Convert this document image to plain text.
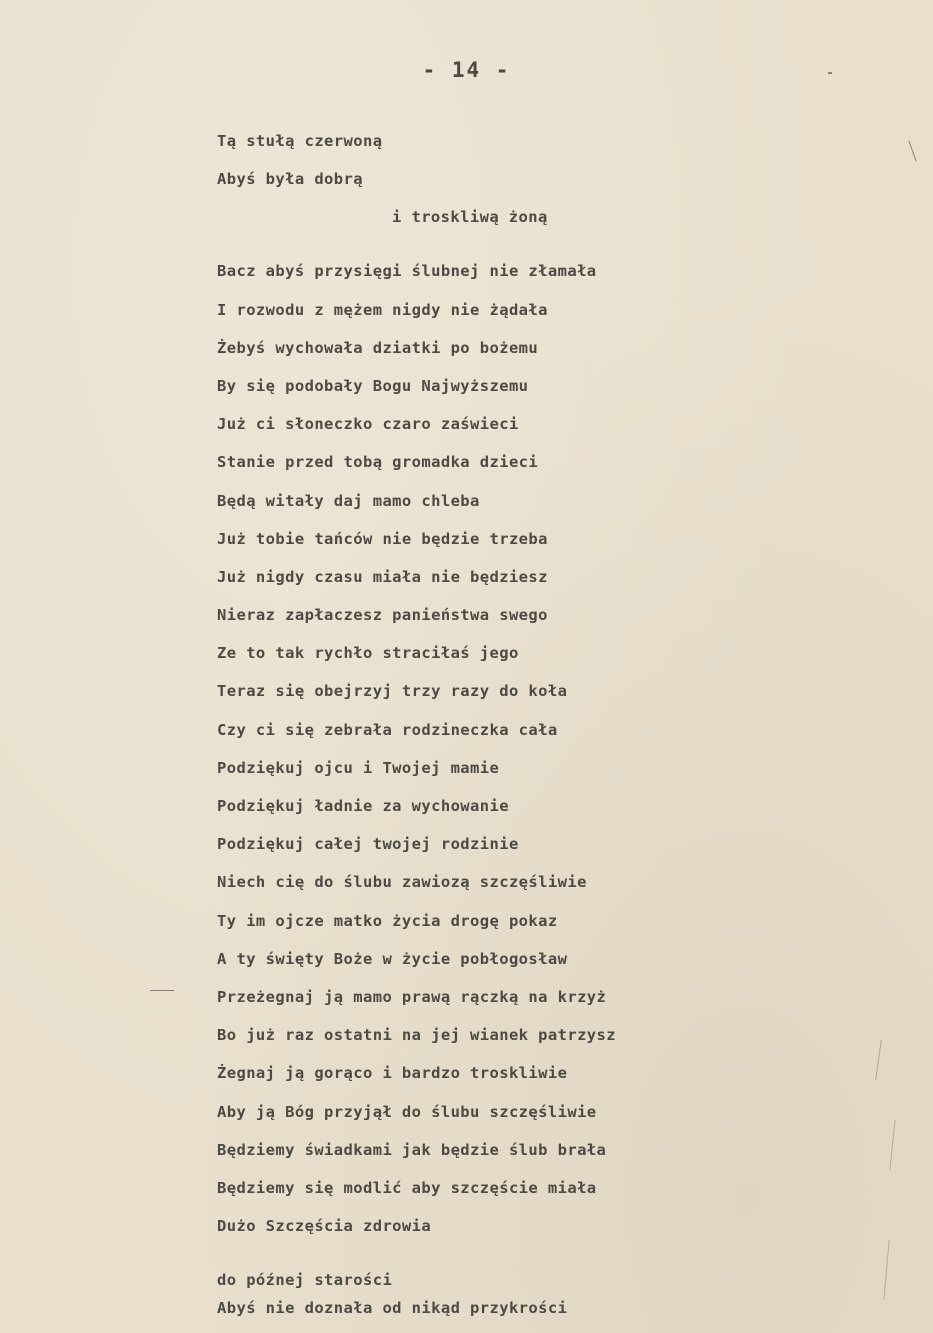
- 14 -
Tą stułą czerwoną
Abyś była dobrą
i troskliwą żoną
Bacz abyś przysięgi ślubnej nie złamała
I rozwodu z mężem nigdy nie żądała
Żebyś wychowała dziatki po bożemu
By się podobały Bogu Najwyższemu
Już ci słoneczko czaro zaświeci
Stanie przed tobą gromadka dzieci
Będą witały daj mamo chleba
Już tobie tańców nie będzie trzeba
Już nigdy czasu miała nie będziesz
Nieraz zapłaczesz panieństwa swego
Ze to tak rychło straciłaś jego
Teraz się obejrzyj trzy razy do koła
Czy ci się zebrała rodzineczka cała
Podziękuj ojcu i Twojej mamie
Podziękuj ładnie za wychowanie
Podziękuj całej twojej rodzinie
Niech cię do ślubu zawiozą szczęśliwie
Ty im ojcze matko życia drogę pokaz
A ty święty Boże w życie pobłogosław
Przeżegnaj ją mamo prawą rączką na krzyż
Bo już raz ostatni na jej wianek patrzysz
Żegnaj ją gorąco i bardzo troskliwie
Aby ją Bóg przyjął do ślubu szczęśliwie
Będziemy świadkami jak będzie ślub brała
Będziemy się modlić aby szczęście miała
Dużo Szczęścia zdrowia
do późnej starości
Abyś nie doznała od nikąd przykrości
